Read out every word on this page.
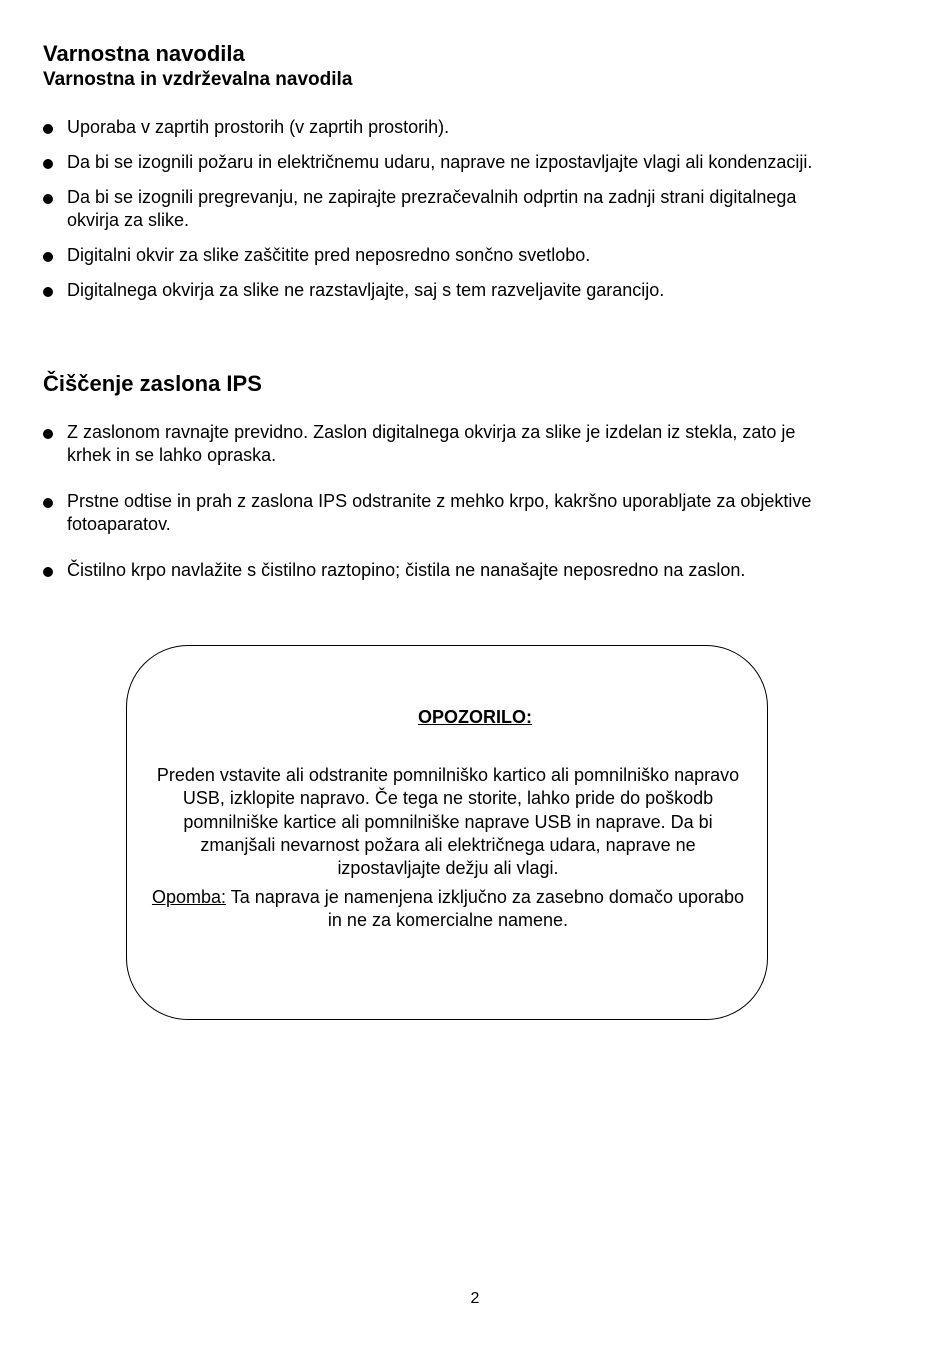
Varnostna navodila
Varnostna in vzdrževalna navodila
Uporaba v zaprtih prostorih (v zaprtih prostorih).
Da bi se izognili požaru in električnemu udaru, naprave ne izpostavljajte vlagi ali kondenzaciji.
Da bi se izognili pregrevanju, ne zapirajte prezračevalnih odprtin na zadnji strani digitalnega okvirja za slike.
Digitalni okvir za slike zaščitite pred neposredno sončno svetlobo.
Digitalnega okvirja za slike ne razstavljajte, saj s tem razveljavite garancijo.
Čiščenje zaslona IPS
Z zaslonom ravnajte previdno. Zaslon digitalnega okvirja za slike je izdelan iz stekla, zato je krhek in se lahko opraska.
Prstne odtise in prah z zaslona IPS odstranite z mehko krpo, kakršno uporabljate za objektive fotoaparatov.
Čistilno krpo navlažite s čistilno raztopino; čistila ne nanašajte neposredno na zaslon.
OPOZORILO:
Preden vstavite ali odstranite pomnilniško kartico ali pomnilniško napravo USB, izklopite napravo. Če tega ne storite, lahko pride do poškodb pomnilniške kartice ali pomnilniške naprave USB in naprave. Da bi zmanjšali nevarnost požara ali električnega udara, naprave ne izpostavljajte dežju ali vlagi.
Opomba: Ta naprava je namenjena izključno za zasebno domačo uporabo in ne za komercialne namene.
2
